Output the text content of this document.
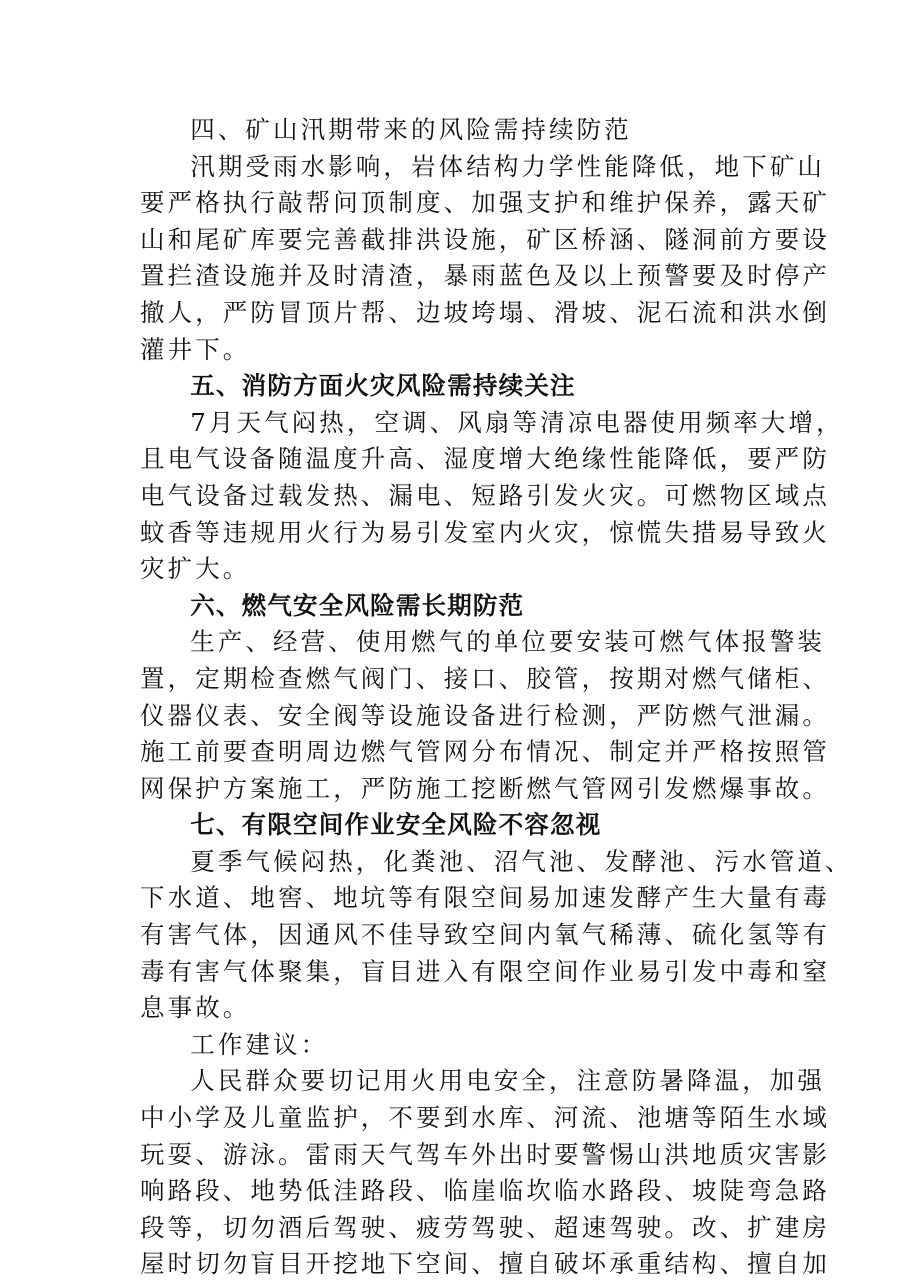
四、矿山汛期带来的风险需持续防范
汛期受雨水影响，岩体结构力学性能降低，地下矿山
要严格执行敲帮问顶制度、加强支护和维护保养，露天矿
山和尾矿库要完善截排洪设施，矿区桥涵、隧洞前方要设
置拦渣设施并及时清渣，暴雨蓝色及以上预警要及时停产
撤人，严防冒顶片帮、边坡垮塌、滑坡、泥石流和洪水倒
灌井下。
五、消防方面火灾风险需持续关注
7月天气闷热，空调、风扇等清凉电器使用频率大增，
且电气设备随温度升高、湿度增大绝缘性能降低，要严防
电气设备过载发热、漏电、短路引发火灾。可燃物区域点
蚊香等违规用火行为易引发室内火灾，惊慌失措易导致火
灾扩大。
六、燃气安全风险需长期防范
生产、经营、使用燃气的单位要安装可燃气体报警装
置，定期检查燃气阀门、接口、胶管，按期对燃气储柜、
仪器仪表、安全阀等设施设备进行检测，严防燃气泄漏。
施工前要查明周边燃气管网分布情况、制定并严格按照管
网保护方案施工，严防施工挖断燃气管网引发燃爆事故。
七、有限空间作业安全风险不容忽视
夏季气候闷热，化粪池、沼气池、发酵池、污水管道、
下水道、地窖、地坑等有限空间易加速发酵产生大量有毒
有害气体，因通风不佳导致空间内氧气稀薄、硫化氢等有
毒有害气体聚集，盲目进入有限空间作业易引发中毒和窒
息事故。
工作建议：
人民群众要切记用火用电安全，注意防暑降温，加强
中小学及儿童监护，不要到水库、河流、池塘等陌生水域
玩耍、游泳。雷雨天气驾车外出时要警惕山洪地质灾害影
响路段、地势低洼路段、临崖临坎临水路段、坡陡弯急路
段等，切勿酒后驾驶、疲劳驾驶、超速驾驶。改、扩建房
屋时切勿盲目开挖地下空间、擅自破坏承重结构、擅自加
